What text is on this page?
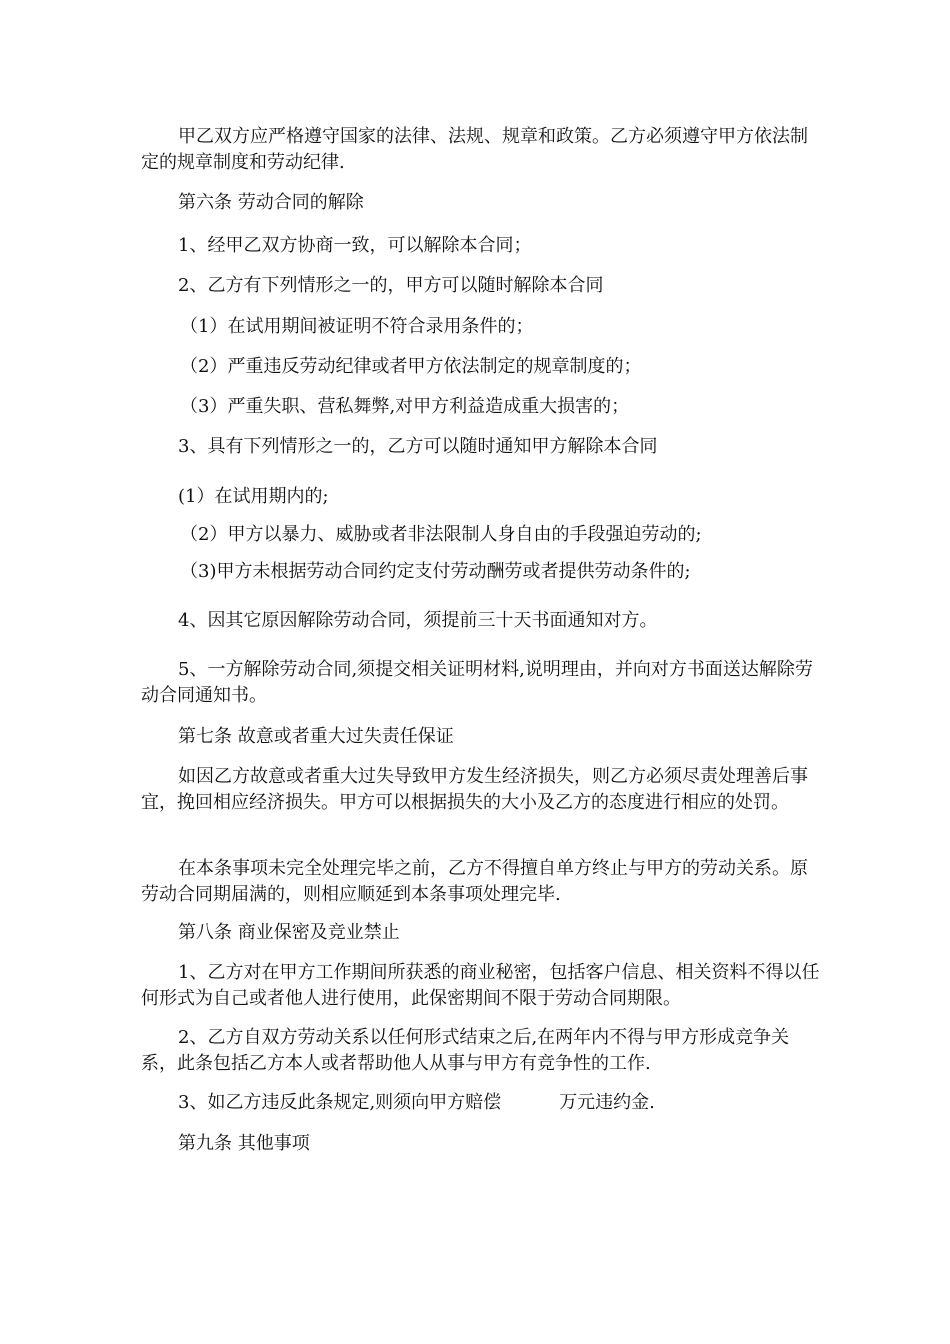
甲乙双方应严格遵守国家的法律、法规、规章和政策。乙方必须遵守甲方依法制定的规章制度和劳动纪律.

第六条 劳动合同的解除

1、经甲乙双方协商一致，可以解除本合同；

2、乙方有下列情形之一的，甲方可以随时解除本合同

（1）在试用期间被证明不符合录用条件的；

（2）严重违反劳动纪律或者甲方依法制定的规章制度的；

（3）严重失职、营私舞弊,对甲方利益造成重大损害的；

3、具有下列情形之一的，乙方可以随时通知甲方解除本合同

(1）在试用期内的;

（2）甲方以暴力、威胁或者非法限制人身自由的手段强迫劳动的;

（3)甲方未根据劳动合同约定支付劳动酬劳或者提供劳动条件的;

4、因其它原因解除劳动合同，须提前三十天书面通知对方。

5、一方解除劳动合同,须提交相关证明材料,说明理由，并向对方书面送达解除劳动合同通知书。

第七条 故意或者重大过失责任保证

如因乙方故意或者重大过失导致甲方发生经济损失，则乙方必须尽责处理善后事宜，挽回相应经济损失。甲方可以根据损失的大小及乙方的态度进行相应的处罚。

在本条事项未完全处理完毕之前，乙方不得擅自单方终止与甲方的劳动关系。原劳动合同期届满的，则相应顺延到本条事项处理完毕.

第八条 商业保密及竞业禁止

1、乙方对在甲方工作期间所获悉的商业秘密，包括客户信息、相关资料不得以任何形式为自己或者他人进行使用，此保密期间不限于劳动合同期限。

2、乙方自双方劳动关系以任何形式结束之后,在两年内不得与甲方形成竞争关系，此条包括乙方本人或者帮助他人从事与甲方有竞争性的工作.

3、如乙方违反此条规定,则须向甲方赔偿	万元违约金.

第九条 其他事项
